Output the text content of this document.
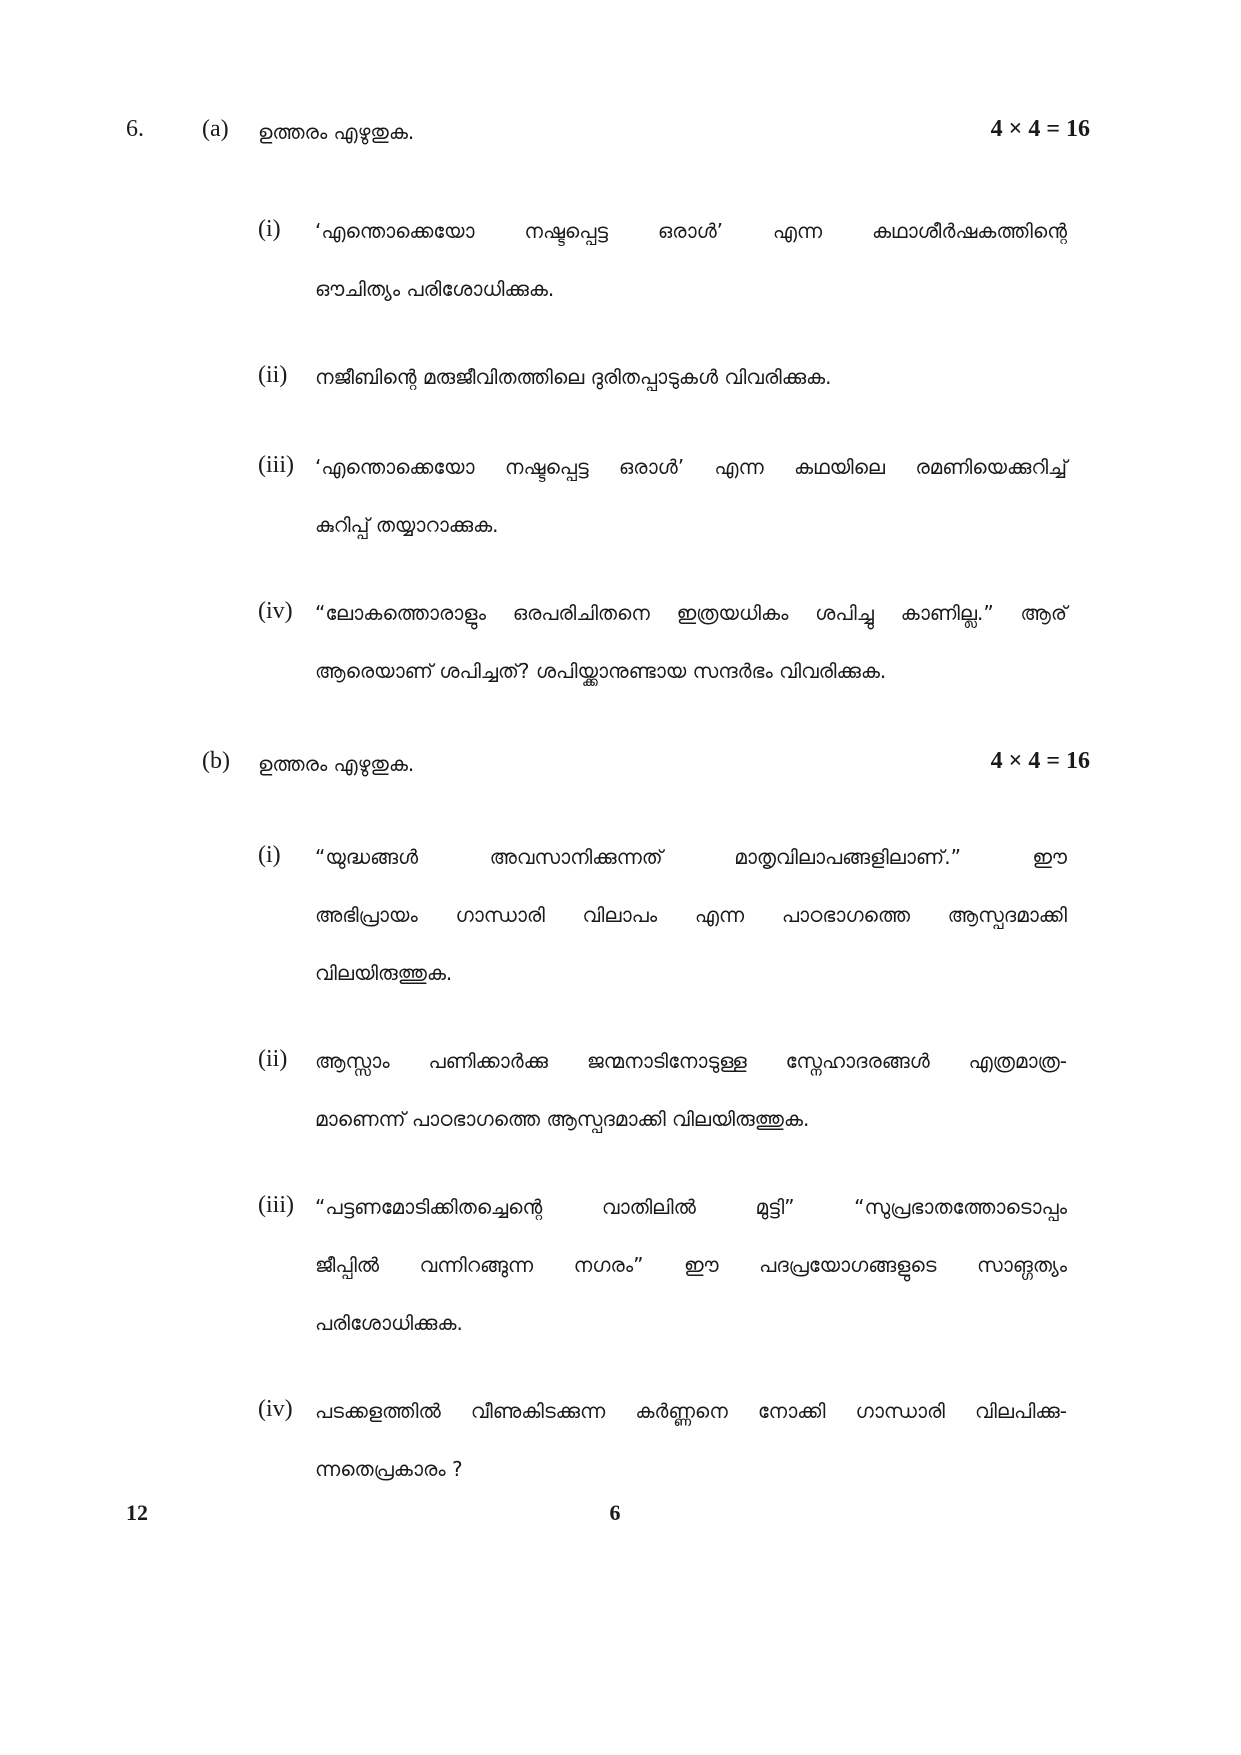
6. (a) ഉത്തരം എഴുതുക.	4 × 4 = 16
(i) ‘എന്തൊക്കെയോ നഷ്ടപ്പെട്ട ഒരാൾ’ എന്ന കഥാശീർഷകത്തിന്റെ
ഔചിത്യം പരിശോധിക്കുക.
(ii) നജീബിന്റെ മരുജീവിതത്തിലെ ദുരിതപ്പാടുകൾ വിവരിക്കുക.
(iii) ‘എന്തൊക്കെയോ നഷ്ടപ്പെട്ട ഒരാൾ’ എന്ന കഥയിലെ രമണിയെക്കുറിച്ച്
കുറിപ്പ് തയ്യാറാക്കുക.
(iv) “ലോകത്തൊരാളും ഒരപരിചിതനെ ഇത്രയധികം ശപിച്ചു കാണില്ല.” ആര്
ആരെയാണ് ശപിച്ചത്? ശപിയ്ക്കാനുണ്ടായ സന്ദർഭം വിവരിക്കുക.
(b) ഉത്തരം എഴുതുക.	4 × 4 = 16
(i) “യുദ്ധങ്ങൾ അവസാനിക്കുന്നത് മാതൃവിലാപങ്ങളിലാണ്.” ഈ
അഭിപ്രായം ഗാന്ധാരി വിലാപം എന്ന പാഠഭാഗത്തെ ആസ്പദമാക്കി
വിലയിരുത്തുക.
(ii) ആസ്സാം പണിക്കാർക്കു ജന്മനാടിനോടുള്ള സ്നേഹാദരങ്ങൾ എത്രമാത്ര-
മാണെന്ന് പാഠഭാഗത്തെ ആസ്പദമാക്കി വിലയിരുത്തുക.
(iii) “പട്ടണമോടിക്കിതച്ചെന്റെ വാതിലിൽ മുട്ടി” “സുപ്രഭാതത്തോടൊപ്പം
ജീപ്പിൽ വന്നിറങ്ങുന്ന നഗരം” ഈ പദപ്രയോഗങ്ങളുടെ സാങ്ഗത്യം
പരിശോധിക്കുക.
(iv) പടക്കളത്തിൽ വീണുകിടക്കുന്ന കർണ്ണനെ നോക്കി ഗാന്ധാരി വിലപിക്കു-
ന്നതെപ്രകാരം ?
12	6
